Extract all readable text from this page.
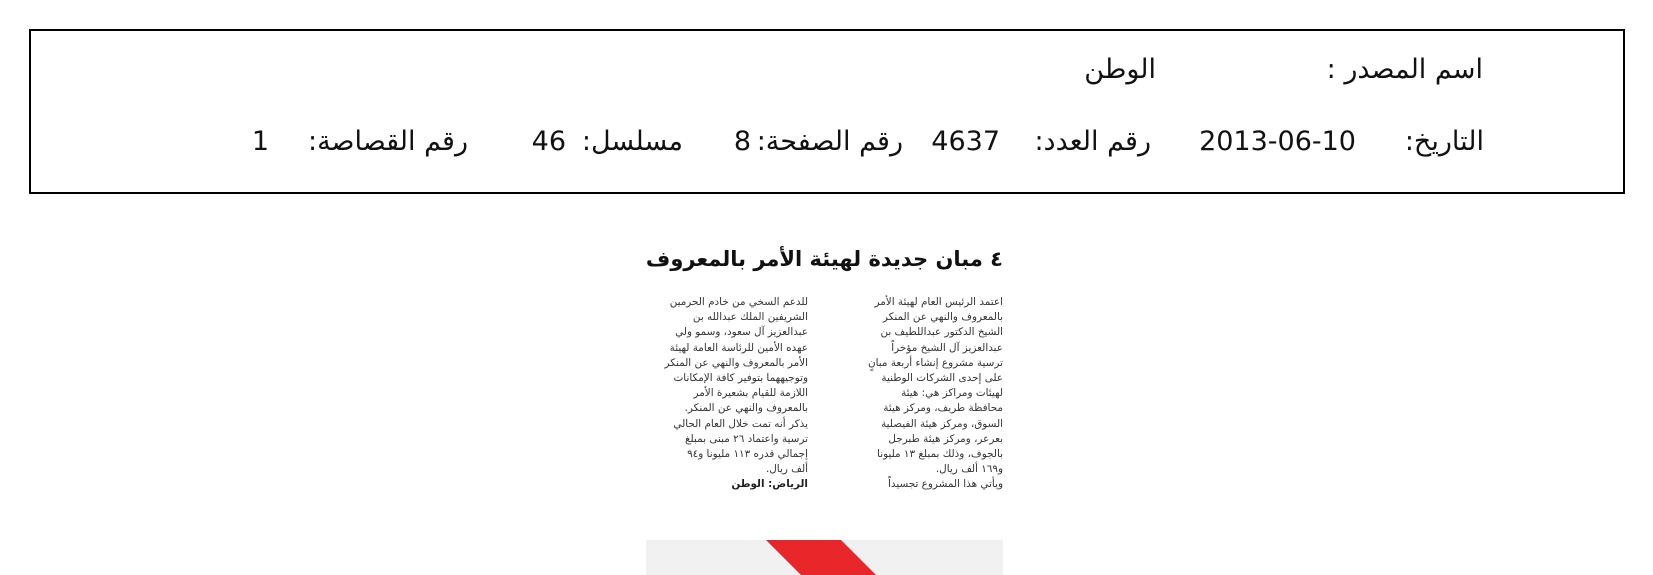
اسم المصدر :
الوطن
التاريخ:
2013-06-10
رقم العدد:
4637
رقم الصفحة:
8
مسلسل:
46
رقم القصاصة:
1
٤ مبان جديدة لهيئة الأمر بالمعروف

اعتمد الرئيس العام لهيئة الأمر

بالمعروف والنهي عن المنكر

الشيخ الدكتور عبداللطيف بن

عبدالعزيز آل الشيخ مؤخراً

ترسية مشروع إنشاء أربعة مبانٍ

على إحدى الشركات الوطنية

لهيئات ومراكز هي: هيئة

محافظة طريف، ومركز هيئة

السوق، ومركز هيئة الفيصلية

بعرعر، ومركز هيئة طبرجل

بالجوف، وذلك بمبلغ ١٣ مليونا

و١٦٩ ألف ريال.

ويأتي هذا المشروع تجسيداً

للدعم السخي من خادم الحرمين

الشريفين الملك عبدالله بن

عبدالعزيز آل سعود، وسمو ولي

عهده الأمين للرئاسة العامة لهيئة

الأمر بالمعروف والنهي عن المنكر

وتوجيههما بتوفير كافة الإمكانات

اللازمة للقيام بشعيرة الأمر

بالمعروف والنهي عن المنكر.

يذكر أنه تمت خلال العام الحالي

ترسية واعتماد ٢٦ مبنى بمبلغ

إجمالي قدره ١١٣ مليونا و٩٤

ألف ريال.

الرياض: الوطن
